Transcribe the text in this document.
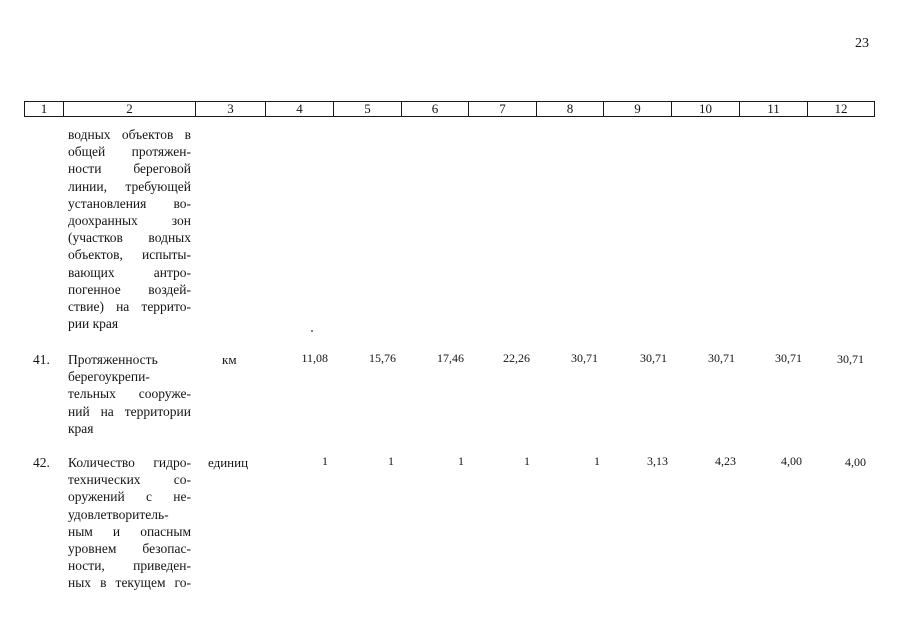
23
1	2	3	4	5	6	7	8	9	10	11	12
водных объектов в
общей протяжен-
ности береговой
линии, требующей
установления во-
доохранных зон
(участков водных
объектов, испыты-
вающих антро-
погенное воздей-
ствие) на террито-
рии края
41. Протяженность
берегоукрепи-
тельных сооруже-
ний на территории
края
км	11,08	15,76	17,46	22,26	30,71	30,71	30,71	30,71	30,71
42. Количество гидро-
технических со-
оружений с не-
удовлетворитель-
ным и опасным
уровнем безопас-
ности, приведен-
ных в текущем го-
единиц	1	1	1	1	1	3,13	4,23	4,00	4,00
